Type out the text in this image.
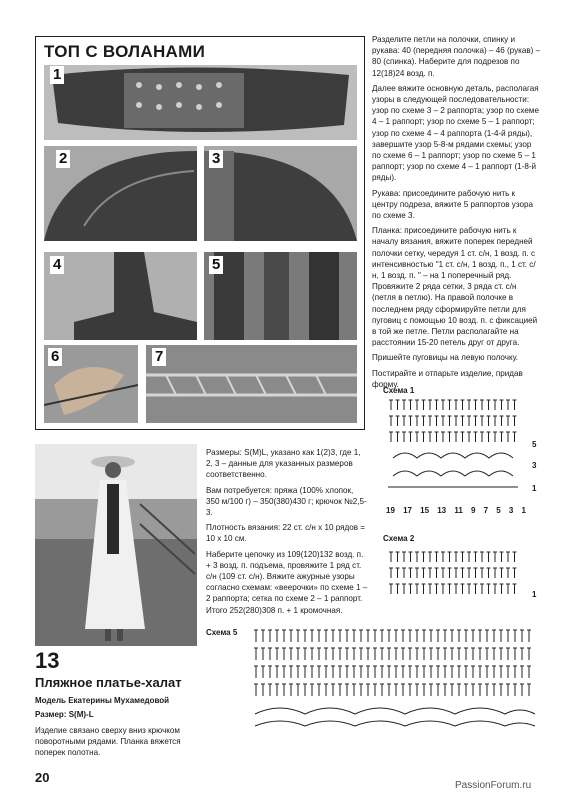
ТОП С ВОЛАНАМИ
1
2	3
4	5
6	7

Разделите петли на полочки, спинку и рукава: 40 (передняя полочка) – 46 (рукав) – 80 (спинка). Наберите для подрезов по 12(18)24 возд. п.

Далее вяжите основную деталь, располагая узоры в следующей последовательности: узор по схеме 3 – 2 раппорта; узор по схеме 4 – 1 раппорт; узор по схеме 5 – 1 раппорт; узор по схеме 4 – 4 раппорта (1-4-й ряды), завершите узор 5-8-м рядами схемы; узор по схеме 6 – 1 раппорт; узор по схеме 5 – 1 раппорт; узор по схеме 4 – 1 раппорт (1-8-й ряды).

Рукава: присоедините рабочую нить к центру подреза, вяжите 5 раппортов узора по схеме 3.

Планка: присоедините рабочую нить к началу вязания, вяжите поперек передней полочки сетку, чередуя 1 ст. с/н, 1 возд. п. с интенсивностью "1 ст. с/н, 1 возд. п., 1 ст. с/н, 1 возд. п. " – на 1 поперечный ряд. Провяжите 2 ряда сетки, 3 ряда ст. с/н (петля в петлю). На правой полочке в последнем ряду сформируйте петли для пуговиц с помощью 10 возд. п. с фиксацией в той же петле. Петли располагайте на расстоянии 15-20 петель друг от друга.

Пришейте пуговицы на левую полочку.

Постирайте и отпарьте изделие, придав форму.

Схема 1
5
3
1
19 17 15 13 11 9 7 5 3 1
Схема 2
1
13
Пляжное платье-халат
Модель Екатерины Мухамедовой
Размер: S(M)-L
Изделие связано сверху вниз крючком поворотными рядами. Планка вяжется поперек полотна.

Размеры: S(M)L, указано как 1(2)3, где 1, 2, 3 – данные для указанных размеров соответственно.

Вам потребуется: пряжа (100% хлопок, 350 м/100 г) – 350(380)430 г; крючок №2,5-3.

Плотность вязания: 22 ст. с/н х 10 рядов = 10 х 10 см.

Наберите цепочку из 109(120)132 возд. п. + 3 возд. п. подъема, провяжите 1 ряд ст. с/н (109 ст. с/н). Вяжите ажурные узоры согласно схемам: «веерочки» по схеме 1 – 2 раппорта; сетка по схеме 2 – 1 раппорт. Итого 252(280)308 п. + 1 кромочная.

Схема 5
20
PassionForum.ru
